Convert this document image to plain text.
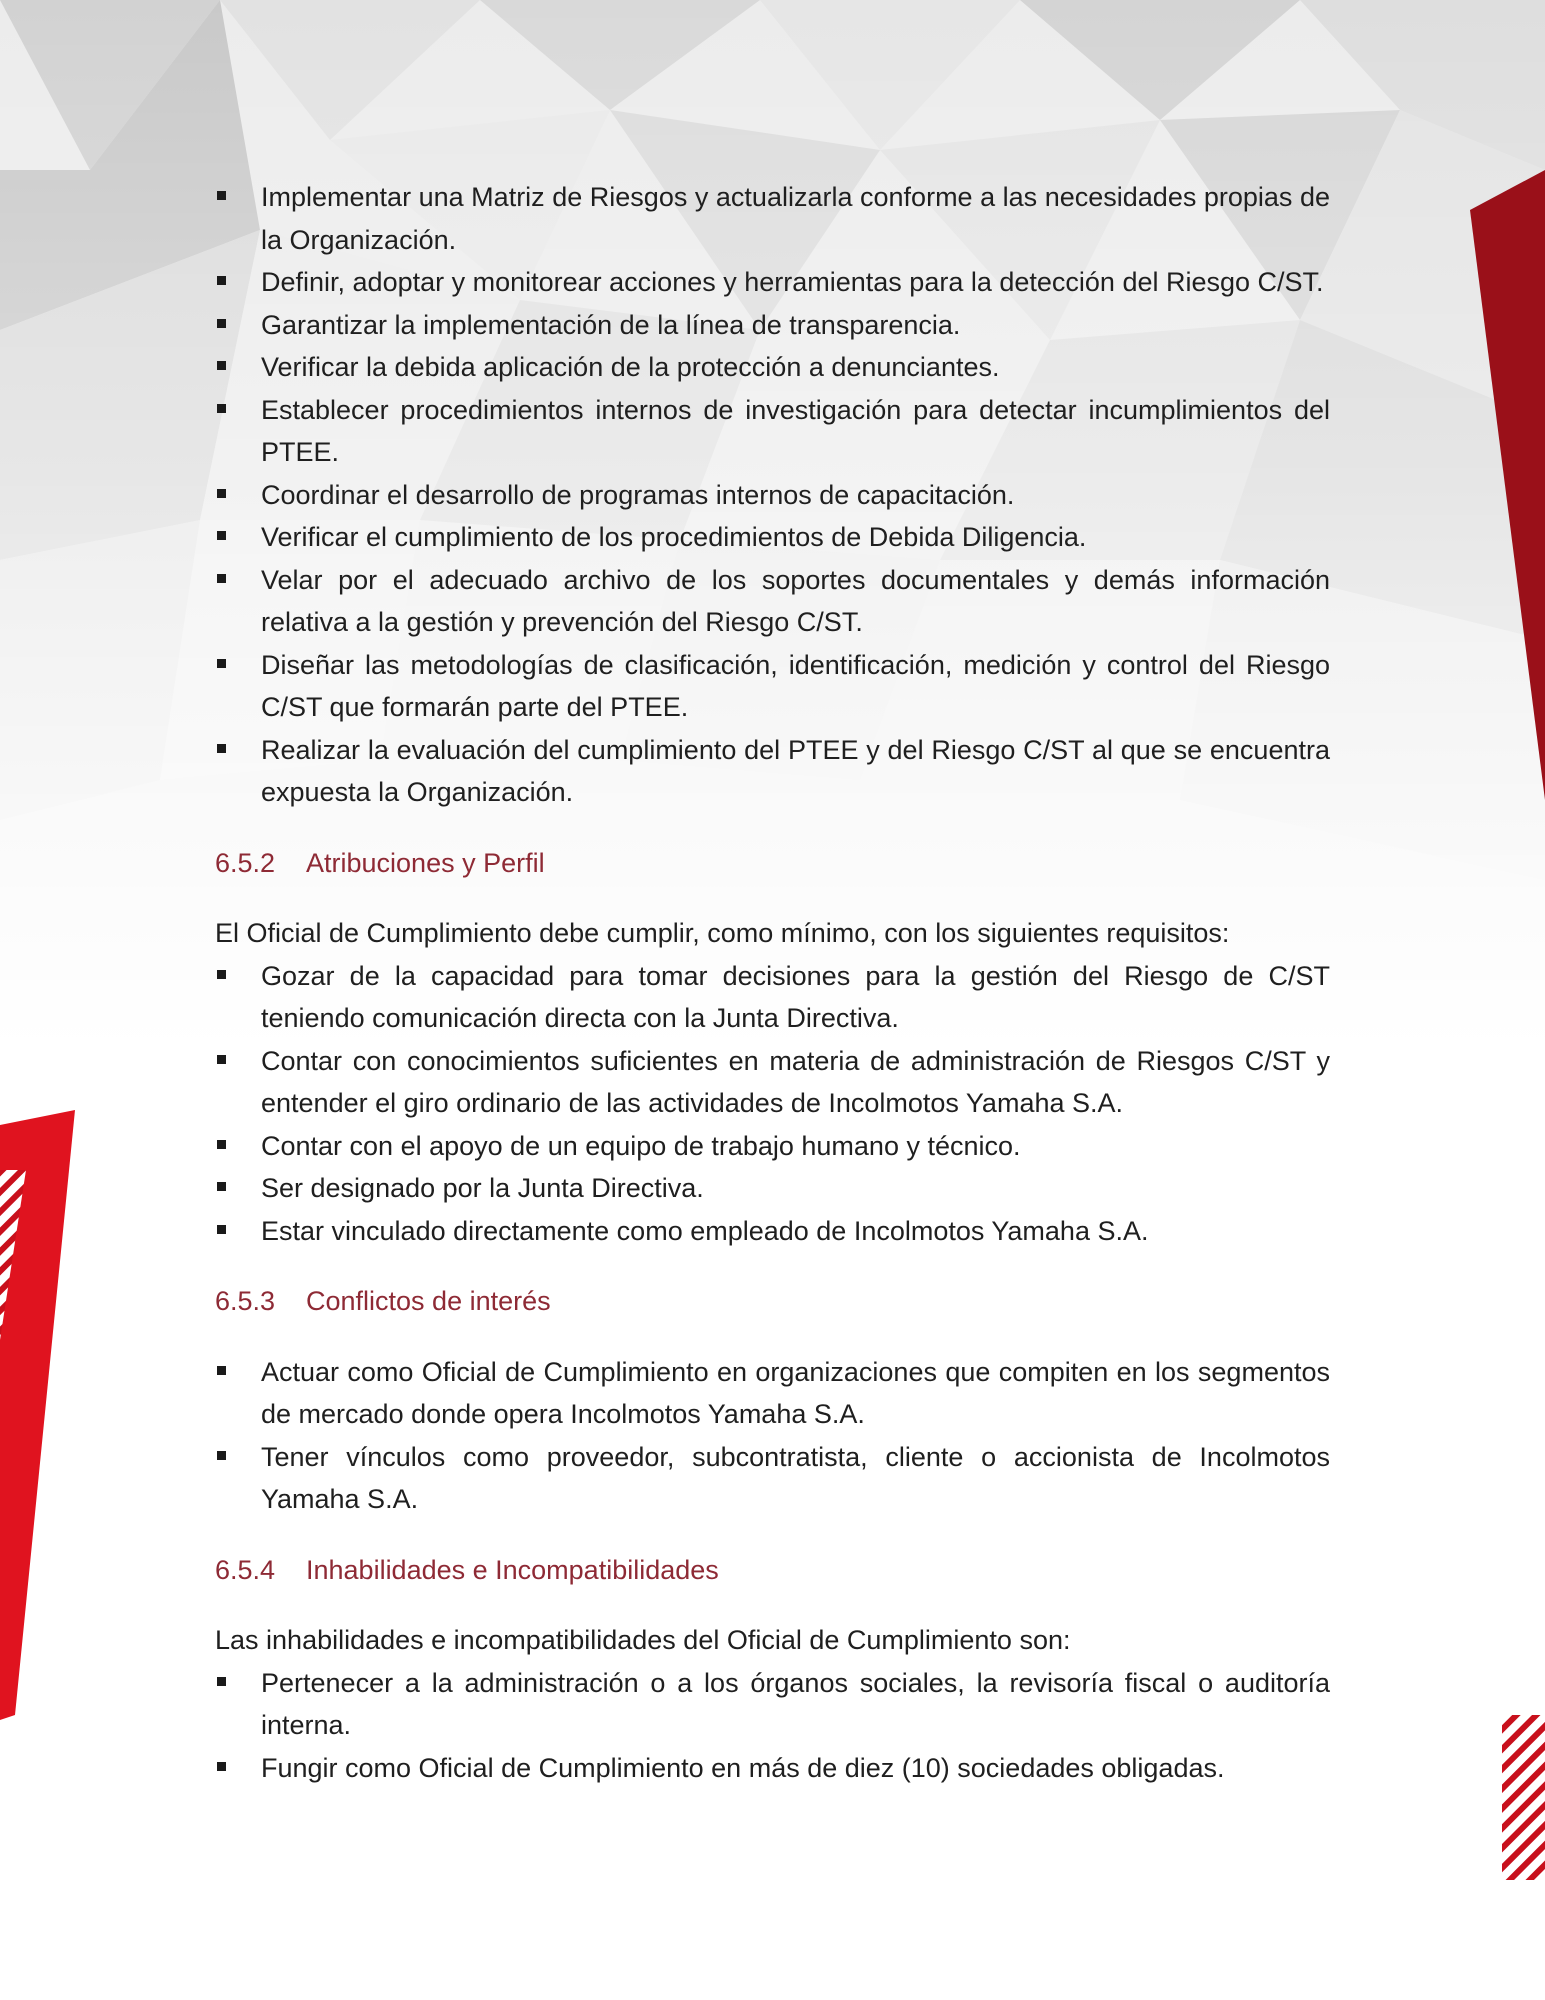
Implementar una Matriz de Riesgos y actualizarla conforme a las necesidades propias de la Organización.
Definir, adoptar y monitorear acciones y herramientas para la detección del Riesgo C/ST.
Garantizar la implementación de la línea de transparencia.
Verificar la debida aplicación de la protección a denunciantes.
Establecer procedimientos internos de investigación para detectar incumplimientos del PTEE.
Coordinar el desarrollo de programas internos de capacitación.
Verificar el cumplimiento de los procedimientos de Debida Diligencia.
Velar por el adecuado archivo de los soportes documentales y demás información relativa a la gestión y prevención del Riesgo C/ST.
Diseñar las metodologías de clasificación, identificación, medición y control del Riesgo C/ST que formarán parte del PTEE.
Realizar la evaluación del cumplimiento del PTEE y del Riesgo C/ST al que se encuentra expuesta la Organización.
6.5.2 Atribuciones y Perfil

El Oficial de Cumplimiento debe cumplir, como mínimo, con los siguientes requisitos:

Gozar de la capacidad para tomar decisiones para la gestión del Riesgo de C/ST teniendo comunicación directa con la Junta Directiva.
Contar con conocimientos suficientes en materia de administración de Riesgos C/ST y entender el giro ordinario de las actividades de Incolmotos Yamaha S.A.
Contar con el apoyo de un equipo de trabajo humano y técnico.
Ser designado por la Junta Directiva.
Estar vinculado directamente como empleado de Incolmotos Yamaha S.A.
6.5.3 Conflictos de interés
Actuar como Oficial de Cumplimiento en organizaciones que compiten en los segmentos de mercado donde opera Incolmotos Yamaha S.A.
Tener vínculos como proveedor, subcontratista, cliente o accionista de Incolmotos Yamaha S.A.
6.5.4 Inhabilidades e Incompatibilidades

Las inhabilidades e incompatibilidades del Oficial de Cumplimiento son:

Pertenecer a la administración o a los órganos sociales, la revisoría fiscal o auditoría interna.
Fungir como Oficial de Cumplimiento en más de diez (10) sociedades obligadas.
